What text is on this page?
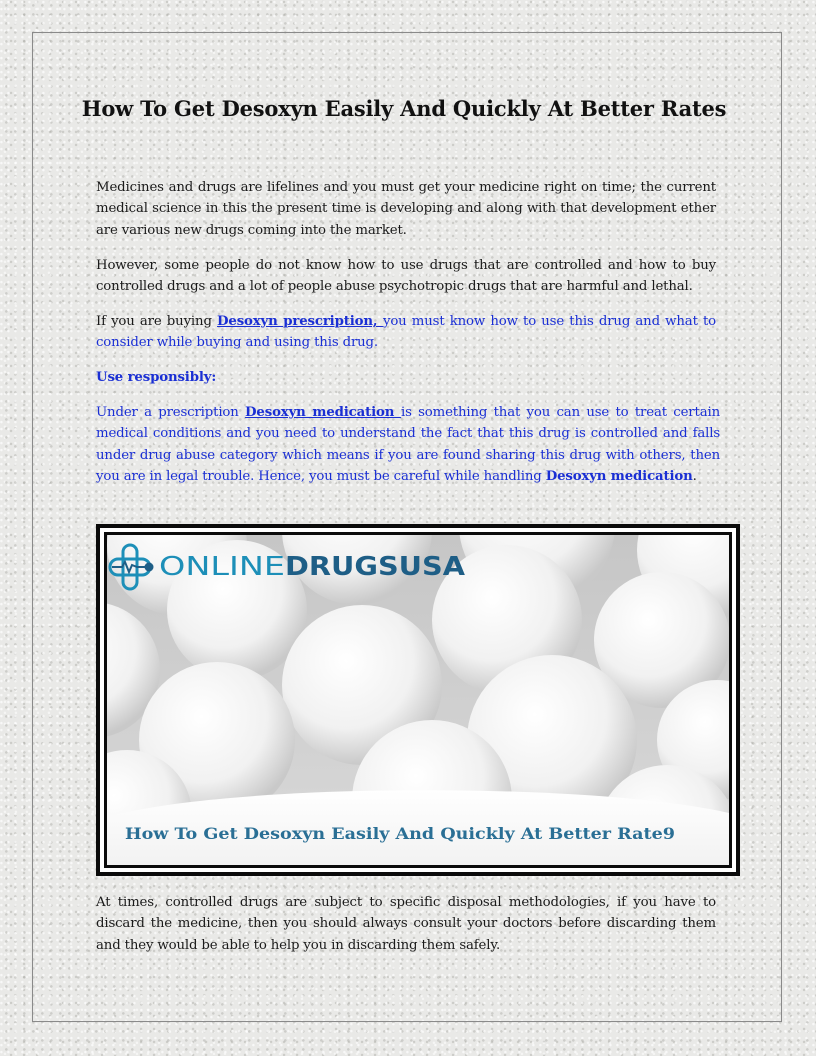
How To Get Desoxyn Easily And Quickly At Better Rates

Medicines and drugs are lifelines and you must get your medicine right on time; the current medical science in this the present time is developing and along with that development ether are various new drugs coming into the market.

However, some people do not know how to use drugs that are controlled and how to buy controlled drugs and a lot of people abuse psychotropic drugs that are harmful and lethal.

If you are buying Desoxyn prescription, you must know how to use this drug and what to consider while buying and using this drug.

Use responsibly:

Under a prescription Desoxyn medication is something that you can use to treat certain medical conditions and you need to understand the fact that this drug is controlled and falls under drug abuse category which means if you are found sharing this drug with others, then you are in legal trouble. Hence, you must be careful while handling Desoxyn medication.

How To Get Desoxyn Easily And Quickly At Better Rate9
ONLINE DRUGSUSA

At times, controlled drugs are subject to specific disposal methodologies, if you have to discard the medicine, then you should always consult your doctors before discarding them and they would be able to help you in discarding them safely.
